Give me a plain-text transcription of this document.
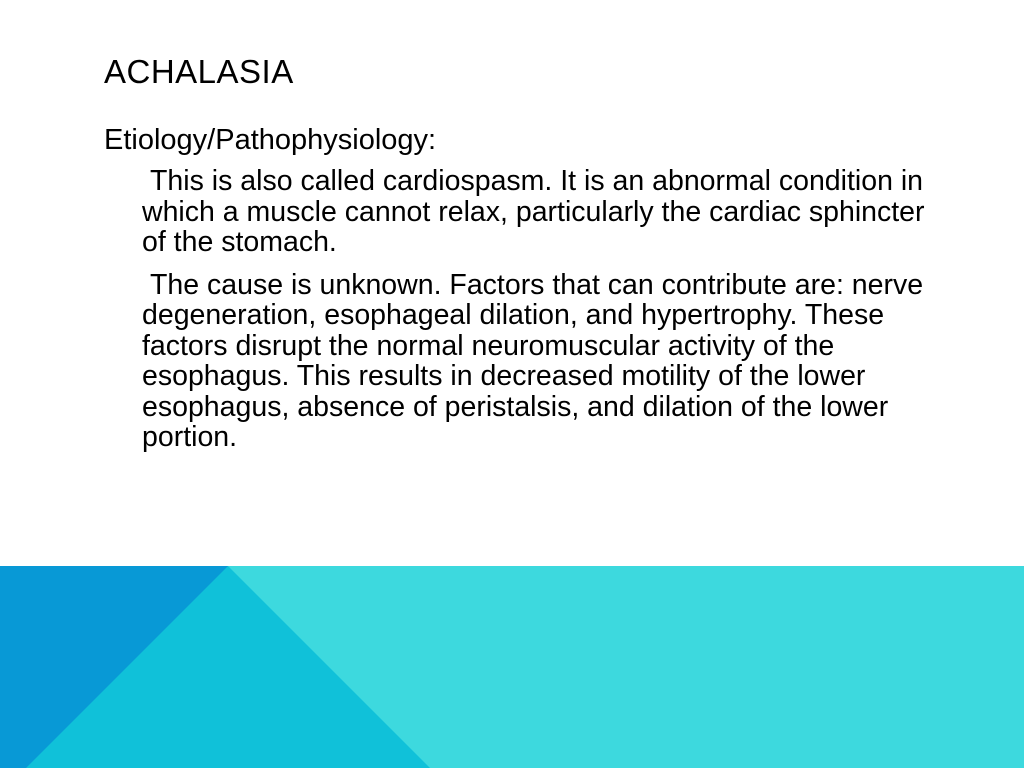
ACHALASIA
Etiology/Pathophysiology:
This is also called cardiospasm. It is an abnormal condition in which a muscle cannot relax, particularly the cardiac sphincter of the stomach.
The cause is unknown. Factors that can contribute are: nerve degeneration, esophageal dilation, and hypertrophy. These factors disrupt the normal neuromuscular activity of the esophagus. This results in decreased motility of the lower esophagus, absence of peristalsis, and dilation of the lower portion.
